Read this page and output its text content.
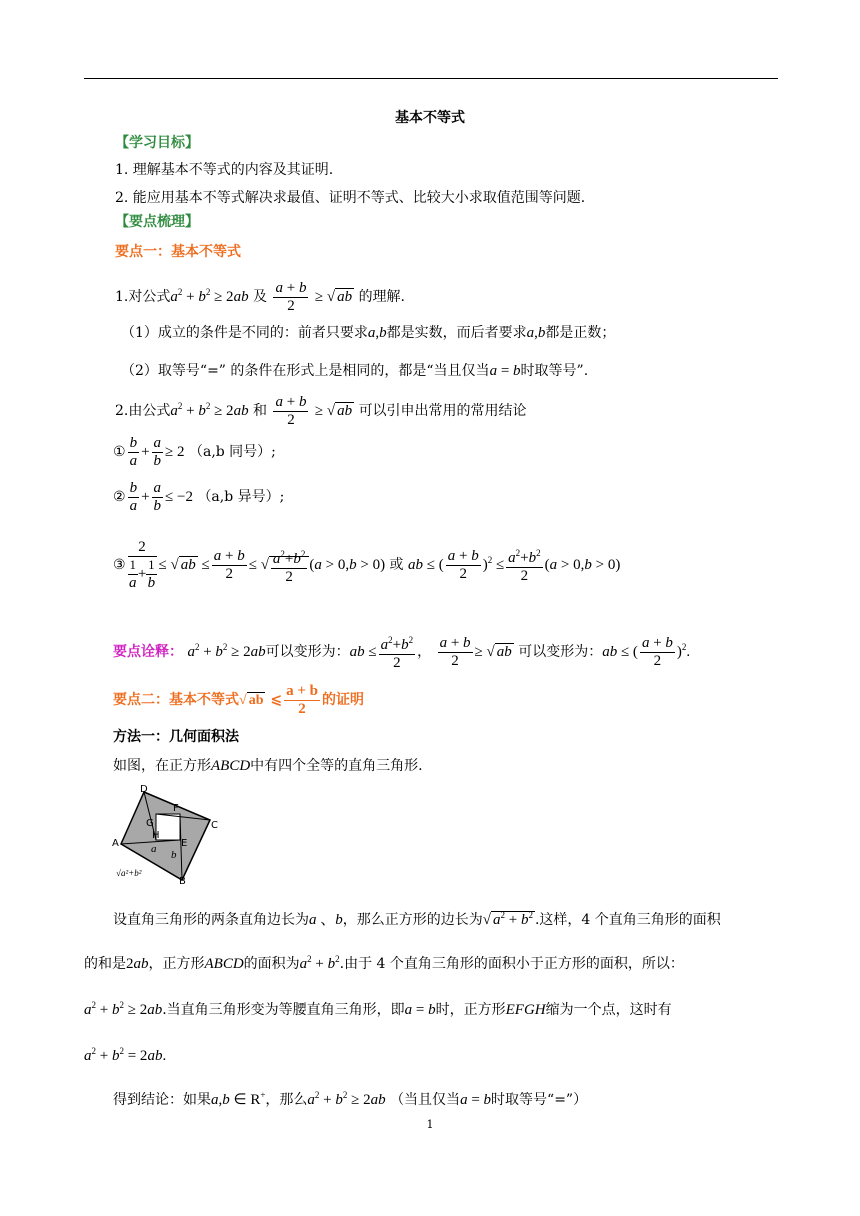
基本不等式
【学习目标】
1. 理解基本不等式的内容及其证明.
2. 能应用基本不等式解决求最值、证明不等式、比较大小求取值范围等问题.
【要点梳理】
要点一：基本不等式
1.对公式$a^2 + b^2 \ge 2ab$ 及 $\frac{a + b}{2}$ ≥ √ ab 的理解.
（1）成立的条件是不同的：前者只要求a,b都是实数，而后者要求a,b都是正数；
（2）取等号“=” 的条件在形式上是相同的，都是“当且仅当a = b时取等号”.
2.由公式$a^2 + b^2 \ge 2ab$ 和 $\frac{a + b}{2}$ ≥ √ ab 可以引申出常用的常用结论
① $\frac{b}{a} + \frac{a}{b} \ge 2$ （a,b 同号）;
② $\frac{b}{a} + \frac{a}{b} \le -2$ （a,b 异号）;
③ $\frac{2}{\frac{1}{a} + \frac{1}{b}}$ ≤ √ ab ≤ $\frac{a + b}{2}$ ≤ √ $\frac{a^2+b^2}{2} (a > 0,b > 0)$ 或 ab ≤ ( $\frac{a + b}{2} )^2 \le \frac{a^2+b^2}{2} (a > 0,b > 0)$
要点诠释： $a^2 + b^2 \ge 2ab$可以变形为：ab ≤ $\frac{a^2+b^2}{2}$ ， $\frac{a + b}{2}$ ≥ √ ab 可以变形为：ab ≤ ( $\frac{a + b}{2} )^2$.
要点二：基本不等式√ ab ⩽ $\frac{a + b}{2}$ 的证明
方法一：几何面积法
如图，在正方形ABCD中有四个全等的直角三角形.
D
F
C
G
H
E
A	a b
B
√a²+b²
设直角三角形的两条直角边长为a 、b，那么正方形的边长为√ $a^2 + b^2$ .这样，4 个直角三角形的面积
的和是2ab，正方形ABCD的面积为$a^2 + b^2$.由于 4 个直角三角形的面积小于正方形的面积，所以：
$a^2 + b^2 \ge 2ab$.当直角三角形变为等腰直角三角形，即a = b时，正方形EFGH缩为一个点，这时有
$a^2 + b^2 = 2ab$.
得到结论：如果a,b ∈ R+，那么$a^2 + b^2 \ge 2ab$ （当且仅当a = b时取等号“=”）
1
